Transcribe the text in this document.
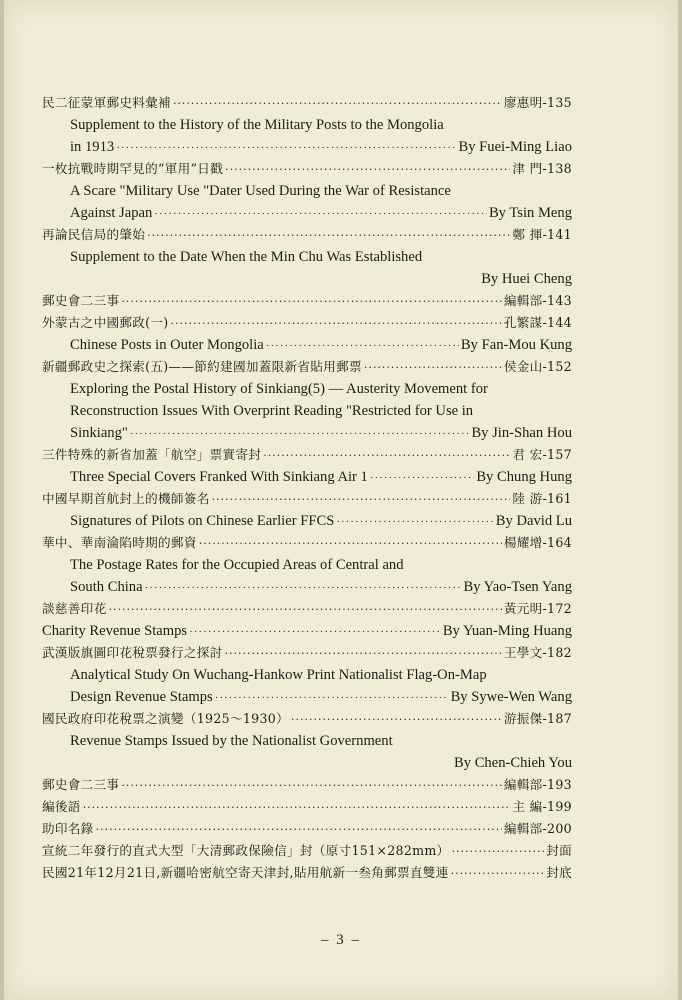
民二征蒙軍郵史料彙補 ·····	廖惠明-135
Supplement to the History of the Military Posts to the Mongolia
in 1913 ·····	By Fuei-Ming Liao
一枚抗戰時期罕見的“軍用”日戳 ·····	津 門-138
A Scare "Military Use "Dater Used During the War of Resistance
Against Japan ·····	By Tsin Meng
再論民信局的肇始 ·····	鄭 揮-141
Supplement to the Date When the Min Chu Was Established
By Huei Cheng
郵史會二三事 ·····	編輯部-143
外蒙古之中國郵政(一) ·····	孔繁謀-144
Chinese Posts in Outer Mongolia ·····	By Fan-Mou Kung
新疆郵政史之探索(五)——節約建國加蓋限新省貼用郵票 ·····	侯金山-152
Exploring the Postal History of Sinkiang(5) — Austerity Movement for
Reconstruction Issues With Overprint Reading "Restricted for Use in
Sinkiang" ·····	By Jin-Shan Hou
三件特殊的新省加蓋「航空」票實寄封 ·····	君 宏-157
Three Special Covers Franked With Sinkiang Air 1 ·····	By Chung Hung
中國早期首航封上的機師簽名 ·····	陸 游-161
Signatures of Pilots on Chinese Earlier FFCS ·····	By David Lu
華中、華南淪陷時期的郵資 ·····	楊耀增-164
The Postage Rates for the Occupied Areas of Central and
South China ·····	By Yao-Tsen Yang
談慈善印花 ·····	黃元明-172
Charity Revenue Stamps ·····	By Yuan-Ming Huang
武漢版旗圖印花稅票發行之探討 ·····	王學文-182
Analytical Study On Wuchang-Hankow Print Nationalist Flag-On-Map
Design Revenue Stamps ·····	By Sywe-Wen Wang
國民政府印花稅票之演變（1925～1930） ·····	游振傑-187
Revenue Stamps Issued by the Nationalist Government
By Chen-Chieh You
郵史會二三事 ·····	編輯部-193
編後語 ·····	主 編-199
助印名錄 ·····	編輯部-200
宣統二年發行的直式大型「大清郵政保險信」封（原寸151×282mm） ·····	封面
民國21年12月21日,新疆哈密航空寄天津封,貼用航新一叁角郵票直雙連 ·····	封底
– 3 –
